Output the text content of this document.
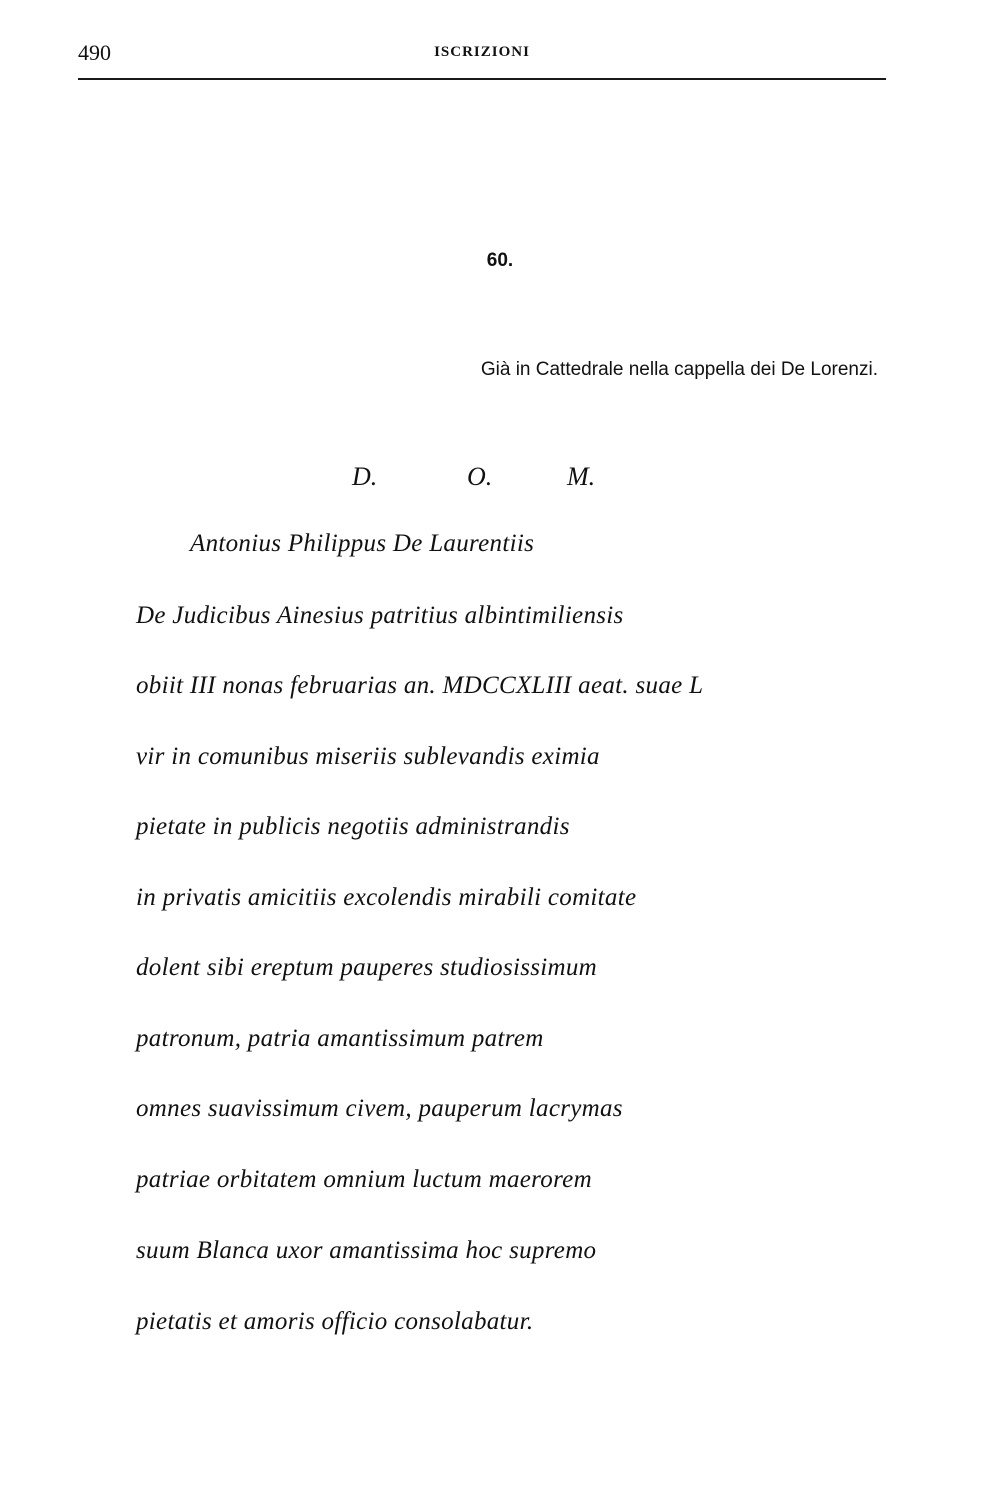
490	ISCRIZIONI
60.
Già in Cattedrale nella cappella dei De Lorenzi.
D.	O.	M.
Antonius Philippus De Laurentiis
De Judicibus Ainesius patritius albintimiliensis
obiit III nonas februarias an. MDCCXLIII aeat. suae L
vir in comunibus miseriis sublevandis eximia
pietate in publicis negotiis administrandis
in privatis amicitiis excolendis mirabili comitate
dolent sibi ereptum pauperes studiosissimum
patronum, patria amantissimum patrem
omnes suavissimum civem, pauperum lacrymas
patriae orbitatem omnium luctum maerorem
suum Blanca uxor amantissima hoc supremo
pietatis et amoris officio consolabatur.
